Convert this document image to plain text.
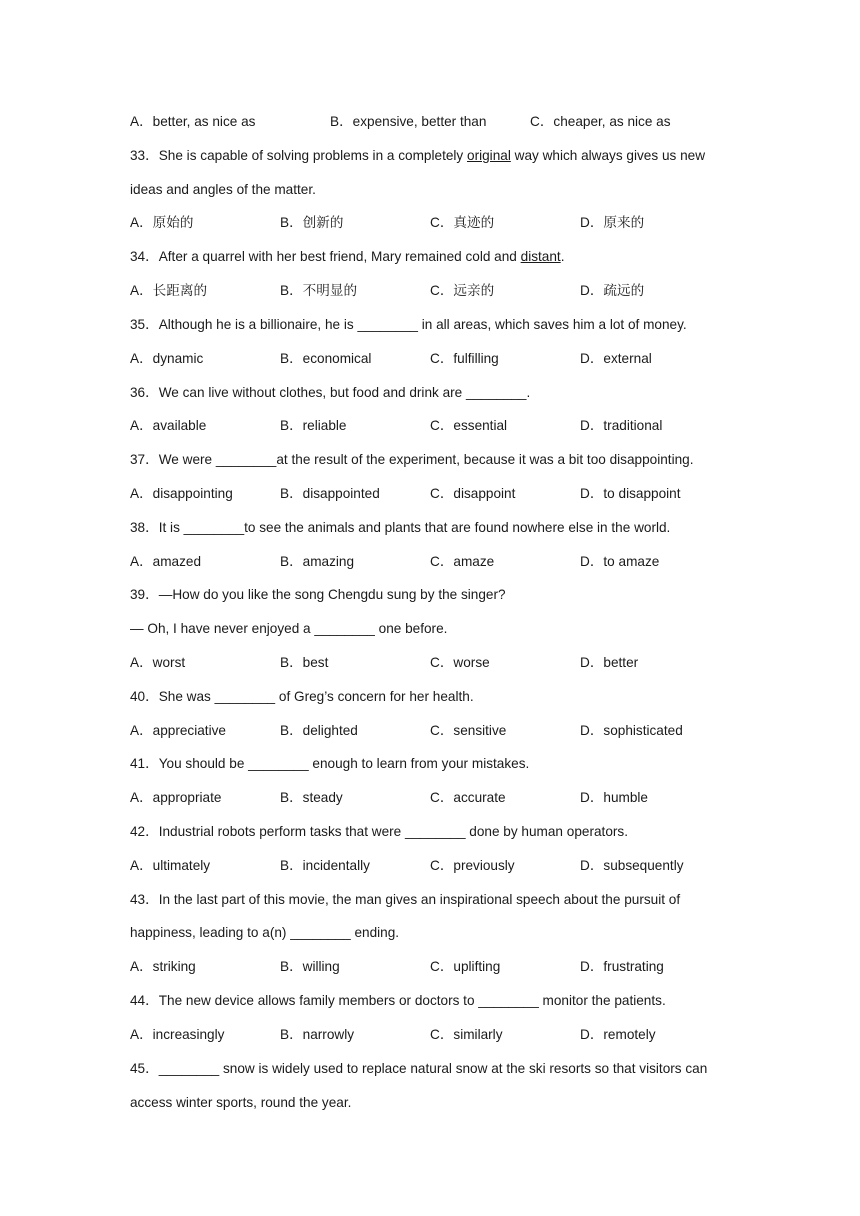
A．better, as nice as	B．expensive, better than	C．cheaper, as nice as
33．She is capable of solving problems in a completely original way which always gives us new
ideas and angles of the matter.
A．原始的	B．创新的	C．真迹的	D．原来的
34．After a quarrel with her best friend, Mary remained cold and distant.
A．长距离的	B．不明显的	C．远亲的	D．疏远的
35．Although he is a billionaire, he is ________ in all areas, which saves him a lot of money.
A．dynamic	B．economical	C．fulfilling	D．external
36．We can live without clothes, but food and drink are ________.
A．available	B．reliable	C．essential	D．traditional
37．We were ________at the result of the experiment, because it was a bit too disappointing.
A．disappointing	B．disappointed	C．disappoint	D．to disappoint
38．It is ________to see the animals and plants that are found nowhere else in the world.
A．amazed	B．amazing	C．amaze	D．to amaze
39．—How do you like the song Chengdu sung by the singer?
— Oh, I have never enjoyed a ________ one before.
A．worst	B．best	C．worse	D．better
40．She was ________ of Greg’s concern for her health.
A．appreciative	B．delighted	C．sensitive	D．sophisticated
41．You should be ________ enough to learn from your mistakes.
A．appropriate	B．steady	C．accurate	D．humble
42．Industrial robots perform tasks that were ________ done by human operators.
A．ultimately	B．incidentally	C．previously	D．subsequently
43．In the last part of this movie, the man gives an inspirational speech about the pursuit of
happiness, leading to a(n) ________ ending.
A．striking	B．willing	C．uplifting	D．frustrating
44．The new device allows family members or doctors to ________ monitor the patients.
A．increasingly	B．narrowly	C．similarly	D．remotely
45．________ snow is widely used to replace natural snow at the ski resorts so that visitors can
access winter sports, round the year.
